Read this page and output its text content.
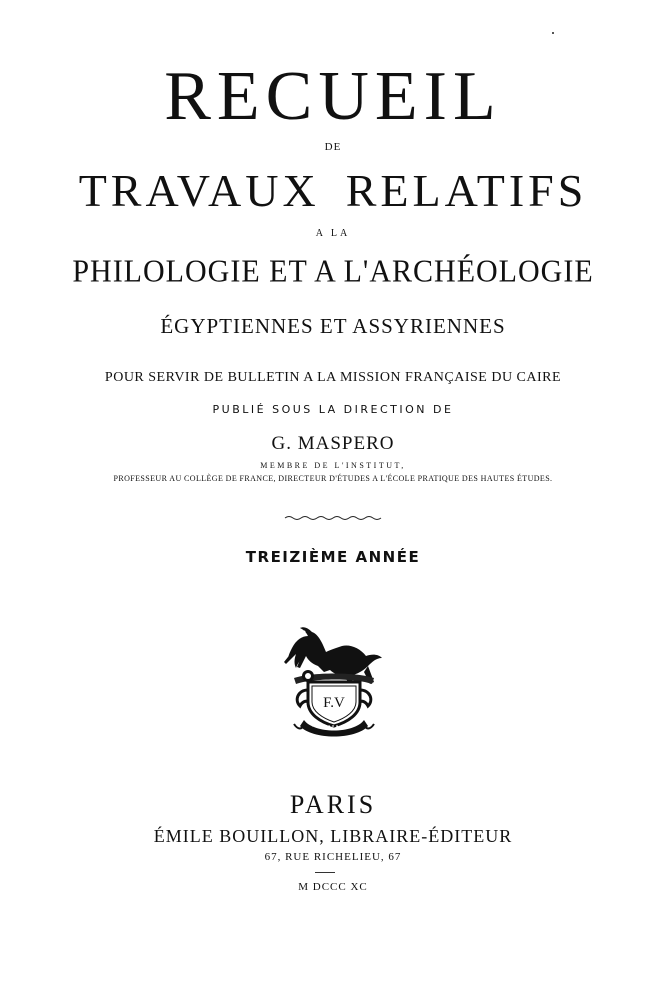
RECUEIL
DE
TRAVAUX RELATIFS
A LA
PHILOLOGIE ET A L'ARCHÉOLOGIE
ÉGYPTIENNES ET ASSYRIENNES
POUR SERVIR DE BULLETIN A LA MISSION FRANÇAISE DU CAIRE
PUBLIÉ SOUS LA DIRECTION DE
G. MASPERO
MEMBRE DE L'INSTITUT,
PROFESSEUR AU COLLÈGE DE FRANCE, DIRECTEUR D'ÉTUDES A L'ÉCOLE PRATIQUE DES HAUTES ÉTUDES.
TREIZIÈME ANNÉE
F.V
PARIS
ÉMILE BOUILLON, LIBRAIRE-ÉDITEUR
67, RUE RICHELIEU, 67
M DCCC XC
